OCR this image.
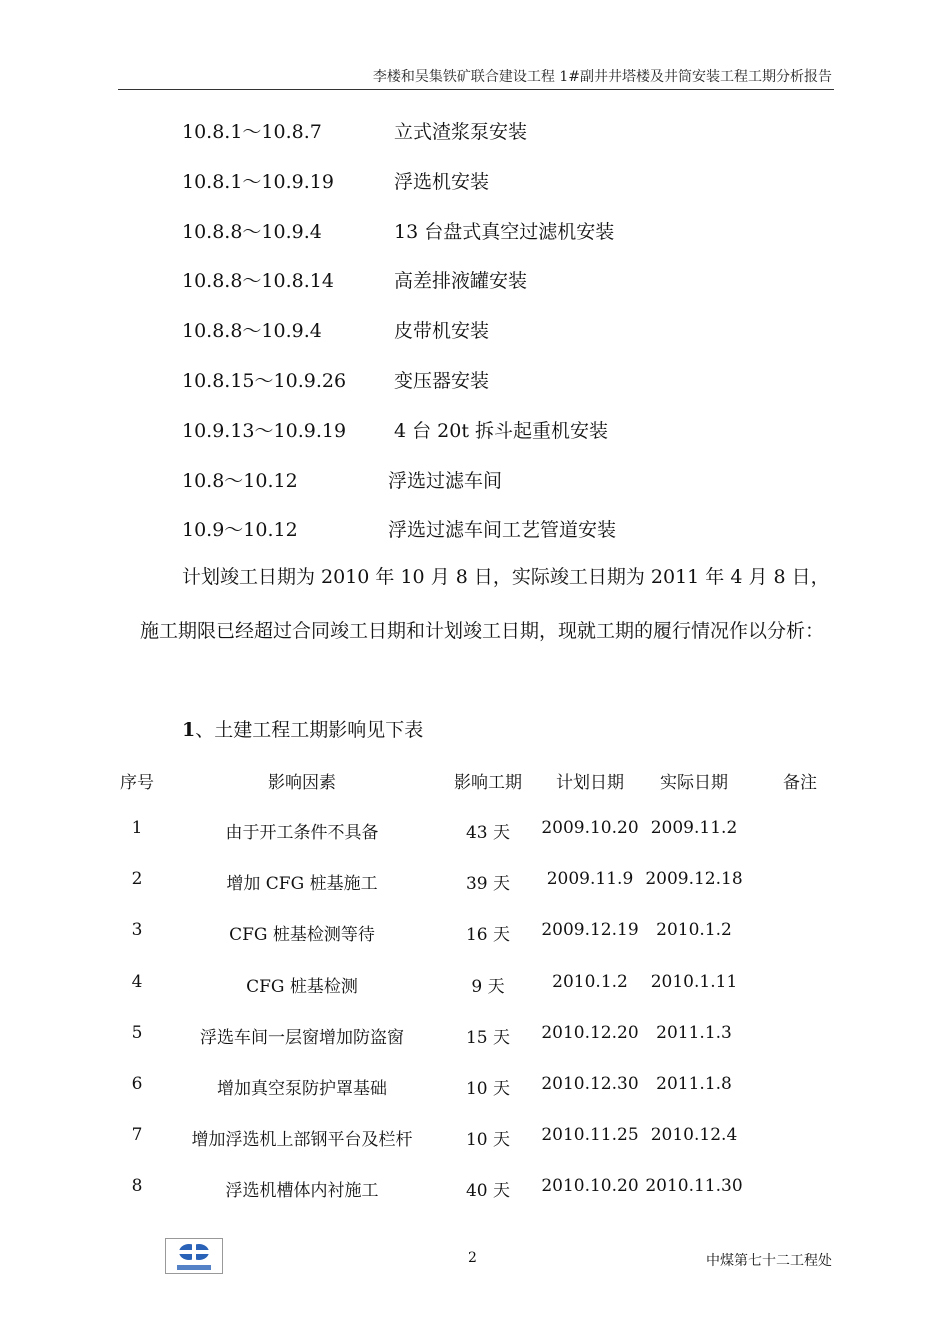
李楼和吴集铁矿联合建设工程 1#副井井塔楼及井筒安装工程工期分析报告
10.8.1～10.8.7	立式渣浆泵安装
10.8.1～10.9.19	浮选机安装
10.8.8～10.9.4	13 台盘式真空过滤机安装
10.8.8～10.8.14	高差排液罐安装
10.8.8～10.9.4	皮带机安装
10.8.15～10.9.26	变压器安装
10.9.13～10.9.19	4 台 20t 拆斗起重机安装
10.8～10.12	浮选过滤车间
10.9～10.12	浮选过滤车间工艺管道安装
计划竣工日期为 2010 年 10 月 8 日，实际竣工日期为 2011 年 4 月 8 日，施工期限已经超过合同竣工日期和计划竣工日期，现就工期的履行情况作以分析：
1、土建工程工期影响见下表
序号	影响因素	影响工期 计划日期 实际日期	备注
1	由于开工条件不具备	43 天 2009.10.20 2009.11.2
2	增加 CFG 桩基施工	39 天 2009.11.9 2009.12.18
3	CFG 桩基检测等待	16 天 2009.12.19 2010.1.2
4	CFG 桩基检测	9 天	2010.1.2 2010.1.11
5	浮选车间一层窗增加防盗窗	15 天 2010.12.20 2011.1.3
6	增加真空泵防护罩基础	10 天 2010.12.30 2011.1.8
7	增加浮选机上部钢平台及栏杆	10 天 2010.11.25 2010.12.4
8	浮选机槽体内衬施工	40 天 2010.10.20 2010.11.30
2	中煤第七十二工程处
